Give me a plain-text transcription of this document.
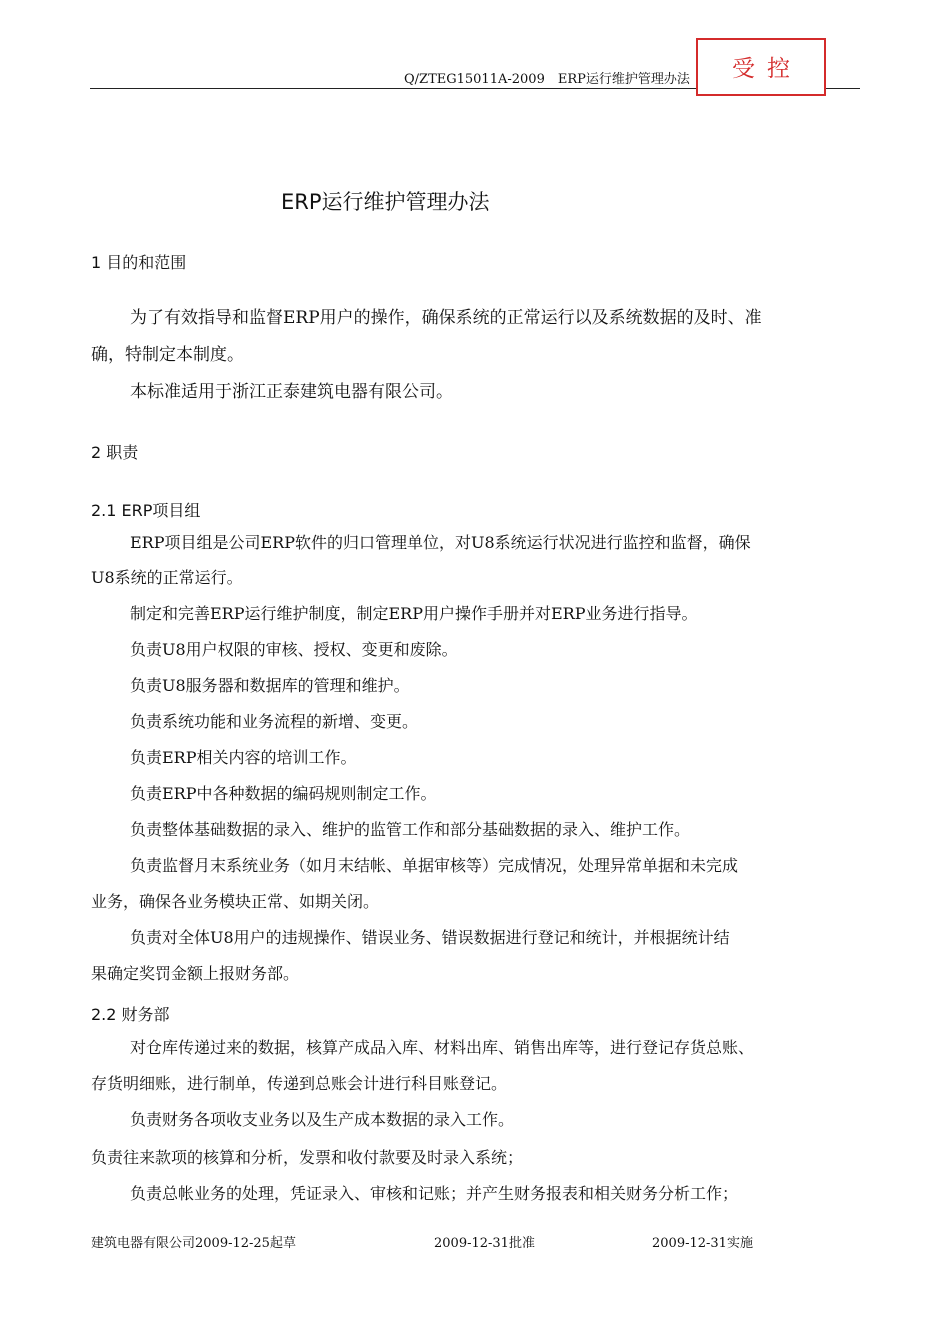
Q/ZTEG15011A-2009　ERP运行维护管理办法	受控
ERP运行维护管理办法
1 目的和范围
为了有效指导和监督ERP用户的操作，确保系统的正常运行以及系统数据的及时、准
确，特制定本制度。
本标准适用于浙江正泰建筑电器有限公司。
2 职责
2.1 ERP项目组
ERP项目组是公司ERP软件的归口管理单位，对U8系统运行状况进行监控和监督，确保
U8系统的正常运行。
制定和完善ERP运行维护制度，制定ERP用户操作手册并对ERP业务进行指导。
负责U8用户权限的审核、授权、变更和废除。
负责U8服务器和数据库的管理和维护。
负责系统功能和业务流程的新增、变更。
负责ERP相关内容的培训工作。
负责ERP中各种数据的编码规则制定工作。
负责整体基础数据的录入、维护的监管工作和部分基础数据的录入、维护工作。
负责监督月末系统业务（如月末结帐、单据审核等）完成情况，处理异常单据和未完成
业务，确保各业务模块正常、如期关闭。
负责对全体U8用户的违规操作、错误业务、错误数据进行登记和统计，并根据统计结
果确定奖罚金额上报财务部。
2.2 财务部
对仓库传递过来的数据，核算产成品入库、材料出库、销售出库等，进行登记存货总账、
存货明细账，进行制单，传递到总账会计进行科目账登记。
负责财务各项收支业务以及生产成本数据的录入工作。
负责往来款项的核算和分析，发票和收付款要及时录入系统；
负责总帐业务的处理，凭证录入、审核和记账；并产生财务报表和相关财务分析工作；
建筑电器有限公司2009-12-25起草	2009-12-31批准	2009-12-31实施
